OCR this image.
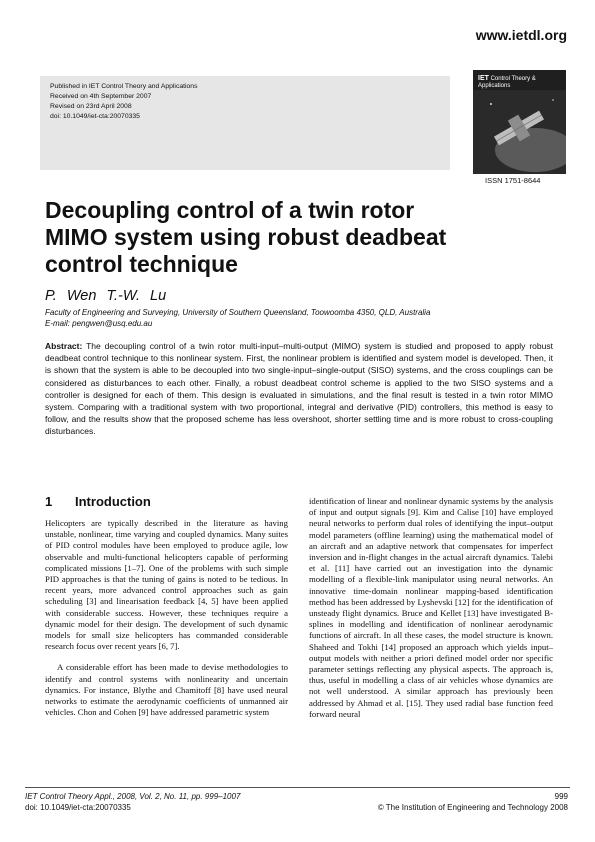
www.ietdl.org
Published in IET Control Theory and Applications
Received on 4th September 2007
Revised on 23rd April 2008
doi: 10.1049/iet-cta:20070335
IET Control Theory & Applications
ISSN 1751-8644
Decoupling control of a twin rotor MIMO system using robust deadbeat control technique
P. Wen T.-W. Lu
Faculty of Engineering and Surveying, University of Southern Queensland, Toowoomba 4350, QLD, Australia
E-mail: pengwen@usq.edu.au

Abstract: The decoupling control of a twin rotor multi-input–multi-output (MIMO) system is studied and proposed to apply robust deadbeat control technique to this nonlinear system. First, the nonlinear problem is identified and system model is developed. Then, it is shown that the system is able to be decoupled into two single-input–single-output (SISO) systems, and the cross couplings can be considered as disturbances to each other. Finally, a robust deadbeat control scheme is applied to the two SISO systems and a controller is designed for each of them. This design is evaluated in simulations, and the final result is tested in a twin rotor MIMO system. Comparing with a traditional system with two proportional, integral and derivative (PID) controllers, this method is easy to follow, and the results show that the proposed scheme has less overshoot, shorter settling time and is more robust to cross-coupling disturbances.

1 Introduction

Helicopters are typically described in the literature as having unstable, nonlinear, time varying and coupled dynamics. Many suites of PID control modules have been employed to produce agile, low observable and multi-functional helicopters capable of performing complicated missions [1–7]. One of the problems with such simple PID approaches is that the tuning of gains is noted to be tedious. In recent years, more advanced control approaches such as gain scheduling [3] and linearisation feedback [4, 5] have been applied with considerable success. However, these techniques require a dynamic model for their design. The development of such dynamic models for small size helicopters has commanded considerable research focus over recent years [6, 7].

A considerable effort has been made to devise methodologies to identify and control systems with nonlinearity and uncertain dynamics. For instance, Blythe and Chamitoff [8] have used neural networks to estimate the aerodynamic coefficients of unmanned air vehicles. Chon and Cohen [9] have addressed parametric system

identification of linear and nonlinear dynamic systems by the analysis of input and output signals [9]. Kim and Calise [10] have employed neural networks to perform dual roles of identifying the input–output model parameters (offline learning) using the mathematical model of an aircraft and an adaptive network that compensates for imperfect inversion and in-flight changes in the actual aircraft dynamics. Talebi et al. [11] have carried out an investigation into the dynamic modelling of a flexible-link manipulator using neural networks. An innovative time-domain nonlinear mapping-based identification method has been addressed by Lyshevski [12] for the identification of unsteady flight dynamics. Bruce and Kellet [13] have investigated B-splines in modelling and identification of nonlinear aerodynamic functions of aircraft. In all these cases, the model structure is known. Shaheed and Tokhi [14] proposed an approach which yields input–output models with neither a priori defined model order nor specific parameter settings reflecting any physical aspects. The approach is, thus, useful in modelling a class of air vehicles whose dynamics are not well understood. A similar approach has previously been addressed by Ahmad et al. [15]. They used radial base function feed forward neural

IET Control Theory Appl., 2008, Vol. 2, No. 11, pp. 999–1007
doi: 10.1049/iet-cta:20070335
999
© The Institution of Engineering and Technology 2008
